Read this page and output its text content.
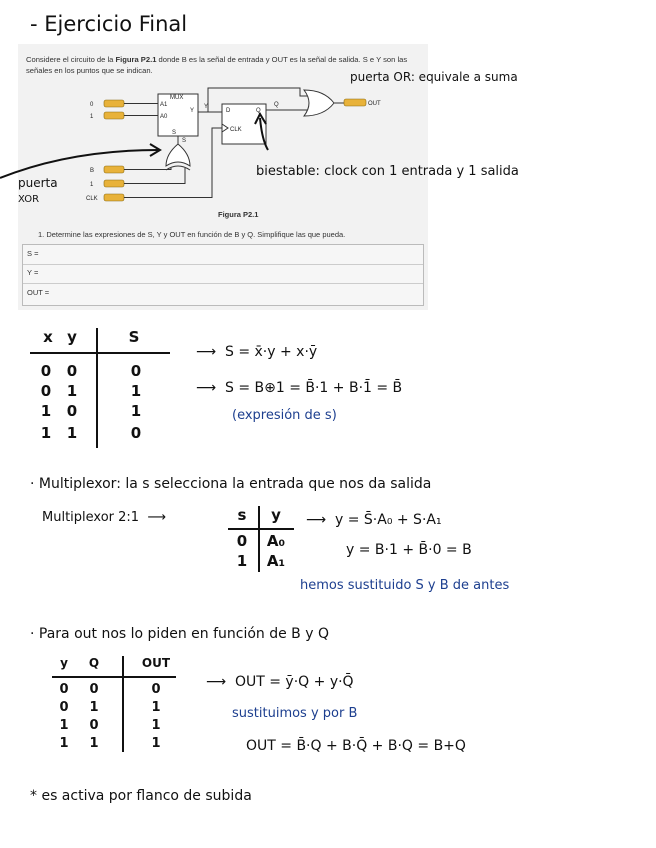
- Ejercicio Final
Considere el circuito de la Figura P2.1 donde B es la señal de entrada y OUT es la señal de salida. S e Y son las señales en los puntos que se indican.
MUX
A1
A0
Y
S
0
1
Y
D	Q
CLK
Q	OUT
S
B
1
CLK
Figura P2.1
1. Determine las expresiones de S, Y y OUT en función de B y Q. Simplifique las que pueda.
S =
Y =
OUT =
puerta OR: equivale a suma
puerta
XOR
biestable: clock con 1 entrada y 1 salida
x y	S
0	0	0
0	1	1
1	0	1
1	1	0
⟶  S = x̄·y + x·ȳ
⟶  S = B⊕1 = B̄·1 + B·1̄ = B̄
(expresión de s)
· Multiplexor: la s selecciona la entrada que nos da salida
Multiplexor 2:1  ⟶	s	y
0	A₀
1	A₁
⟶  y = S̄·A₀ + S·A₁
y = B·1 + B̄·0 = B
hemos sustituido S y B de antes
· Para out nos lo piden en función de B y Q
y	Q	OUT
0	0	0
0	1	1
1	0	1
1	1	1
⟶  OUT = ȳ·Q + y·Q̄
sustituimos y por B
OUT = B̄·Q + B·Q̄ + B·Q = B+Q
* es activa por flanco de subida
